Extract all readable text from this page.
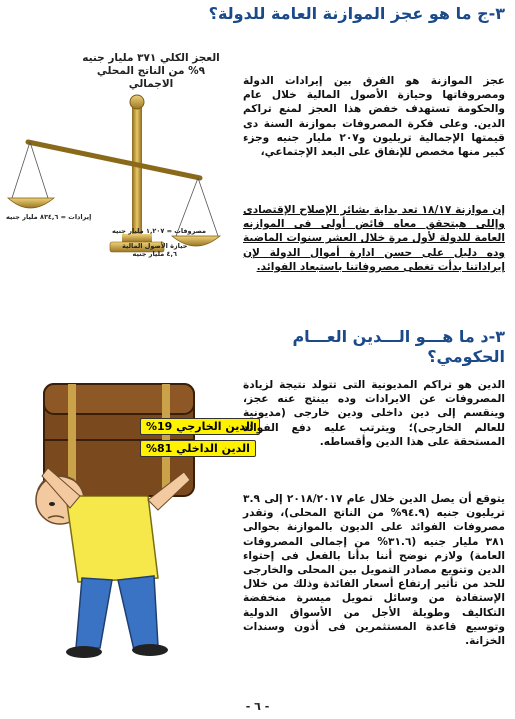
٣-ج ما هو عجز الموازنة العامة للدولة؟
العجز الكلي ٣٧١ مليار جنيه
٩% من الناتج المحلي
الاجمالي
إيرادات = ٨٣٤,٦ مليار جنيه
مصروفات = ١,٢٠٧ مليار جنيه
حيازة الأصول المالية
٤,٦ مليار جنيه
عجز الموازنة هو الفرق بين إيرادات الدولة ومصروفاتها وحيازة الأصول المالية خلال عام والحكومة تستهدف خفض هذا العجز لمنع تراكم الدين. وعلى فكرة المصروفات بموازنة السنة دى قيمتها الإجمالية تريليون و٢٠٧ مليار جنيه وجزء كبير منها مخصص للإنفاق على البعد الإجتماعي،
إن موازنة ١٨/١٧ تعد بداية بشائر الإصلاح الإقتصادى وإللى هيتحقق معاه فائض أولى فى الموازنه العامة للدولة لأول مرة خلال العشر سنوات الماضية وده دليل على حسن ادارة أموال الدولة لإن إيراداتنا بدأت تغطى مصروفاتنا باستبعاد الفوائد.
٣-د ما هـــو الـــدين العـــام
الحكومي؟
الدين الخارجي 19%
الدين الداخلي 81%
الدين هو تراكم المديونية التى تتولد نتيجة لزيادة المصروفات عن الايرادات وده بينتج عنه عجز، وينقسم إلى دين داخلى ودين خارجى (مديونية للعالم الخارجى)؛ ويترتب عليه دفع الفوائد المستحقة على هذا الدين وأقساطه.
يتوقع أن يصل الدين خلال عام ٢٠١٨/٢٠١٧ إلى ٣.٩ تريليون جنيه (٩٤.٩% من الناتج المحلى)، وتقدر مصروفات الفوائد على الديون بالموازنة بحوالى ٣٨١ مليار جنيه (٣١.٦% من إجمالى المصروفات العامة) ولازم نوضح أننا بدأنا بالفعل فى إحتواء الدين وتنويع مصادر التمويل بين المحلى والخارجى للحد من تأثير إرتفاع أسعار الفائدة وذلك من خلال الإستفادة من وسائل تمويل ميسرة منخفضة التكاليف وطويلة الأجل من الأسواق الدولية وتوسيع قاعدة المستثمرين فى أذون وسندات الخزانة.
- ٦ -
